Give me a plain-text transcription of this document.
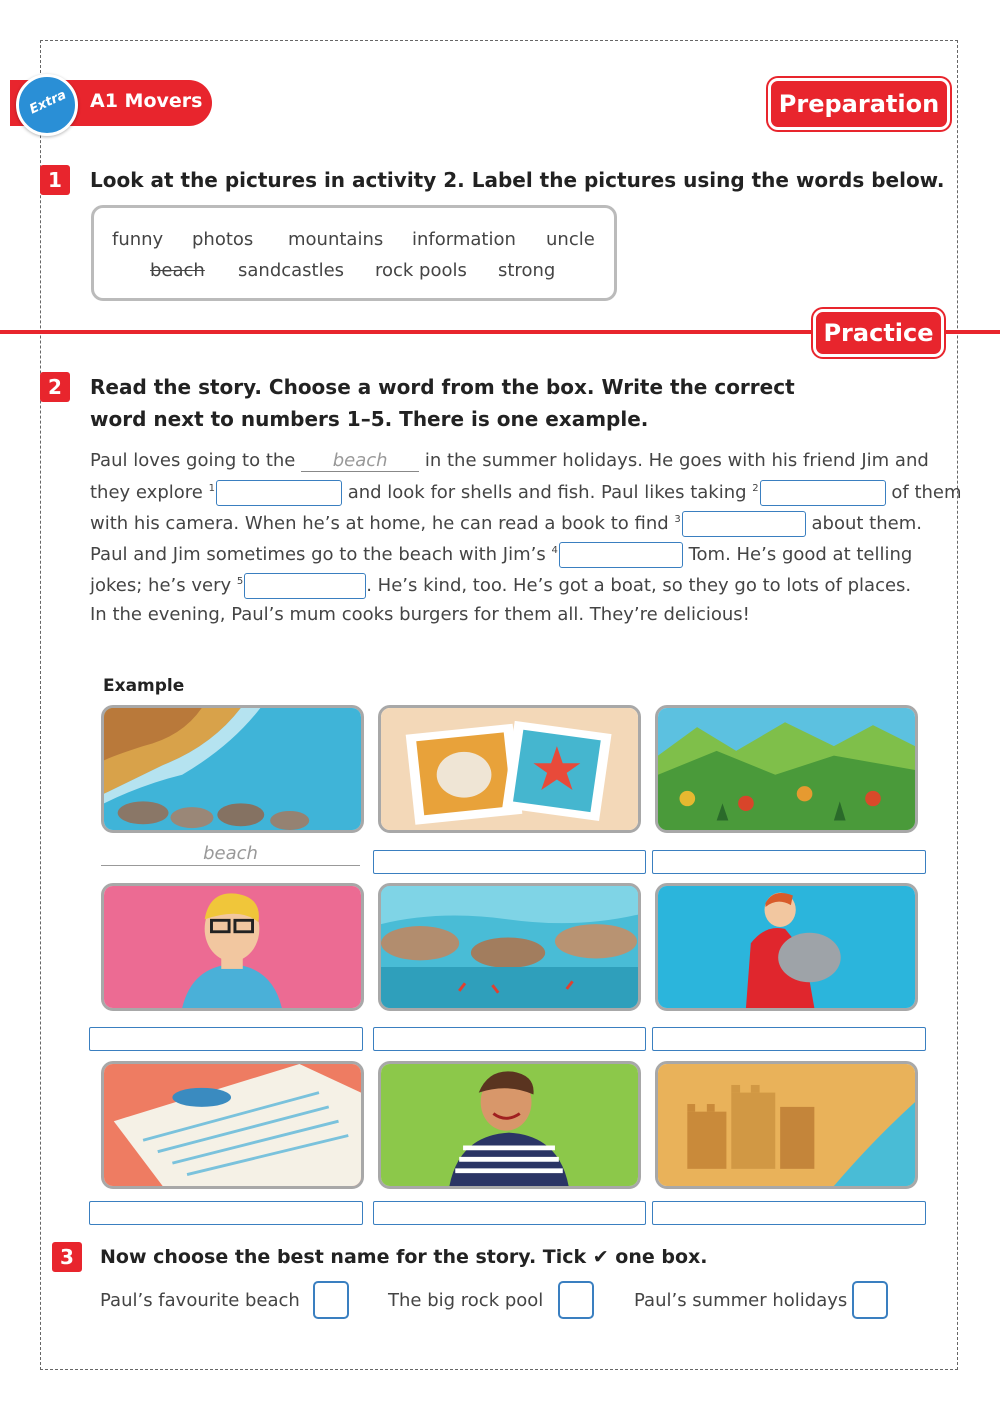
A1 Movers
Extra	Preparation
1	Look at the pictures in activity 2. Label the pictures using the words below.
funny photos mountains information uncle
beach sandcastles rock pools strong
Practice
2	Read the story. Choose a word from the box. Write the correct
word next to numbers 1–5. There is one example.
Paul loves going to the beach in the summer holidays. He goes with his friend Jim and
they explore $^1$	and look for shells and fish. Paul likes taking $^2$	of them
with his camera. When he’s at home, he can read a book to find $^3$	about them.
Paul and Jim sometimes go to the beach with Jim’s $^4$	Tom. He’s good at telling
jokes; he’s very $^5$	. He’s kind, too. He’s got a boat, so they go to lots of places.
In the evening, Paul’s mum cooks burgers for them all. They’re delicious!
Example
beach
3	Now choose the best name for the story. Tick ✔ one box.
Paul’s favourite beach	The big rock pool	Paul’s summer holidays
